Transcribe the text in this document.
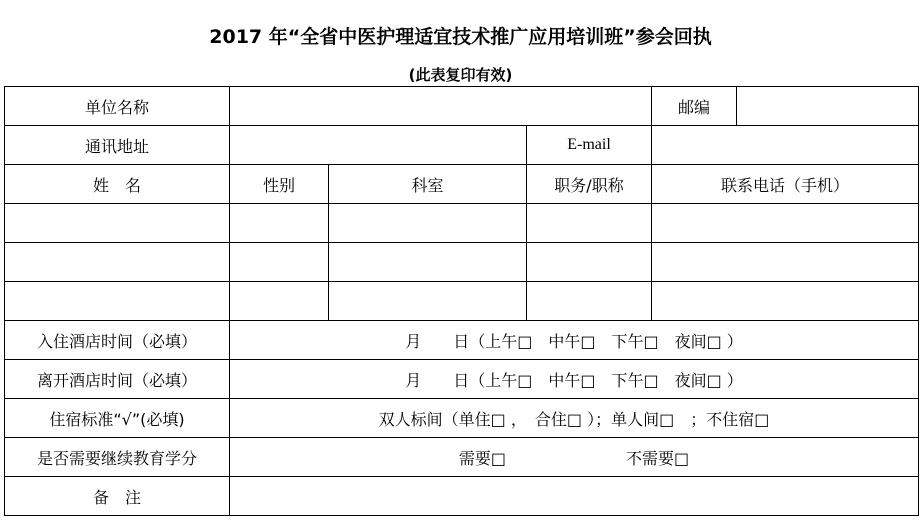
2017 年“全省中医护理适宜技术推广应用培训班”参会回执
(此表复印有效)
单位名称				邮编	
通讯地址			E-mail		
姓　名	性别	科室	职务/职称	联系电话（手机）	

入住酒店时间（必填）	月　　日（上午□　中午□　下午□　夜间□ ）				
离开酒店时间（必填）	月　　日（上午□　中午□　下午□　夜间□ ）				
住宿标准“√”(必填)	双人标间（单住□ ，　合住□ ）；单人间□　；不住宿□				
是否需要继续教育学分	需要□ 不需要□				
备　注					
